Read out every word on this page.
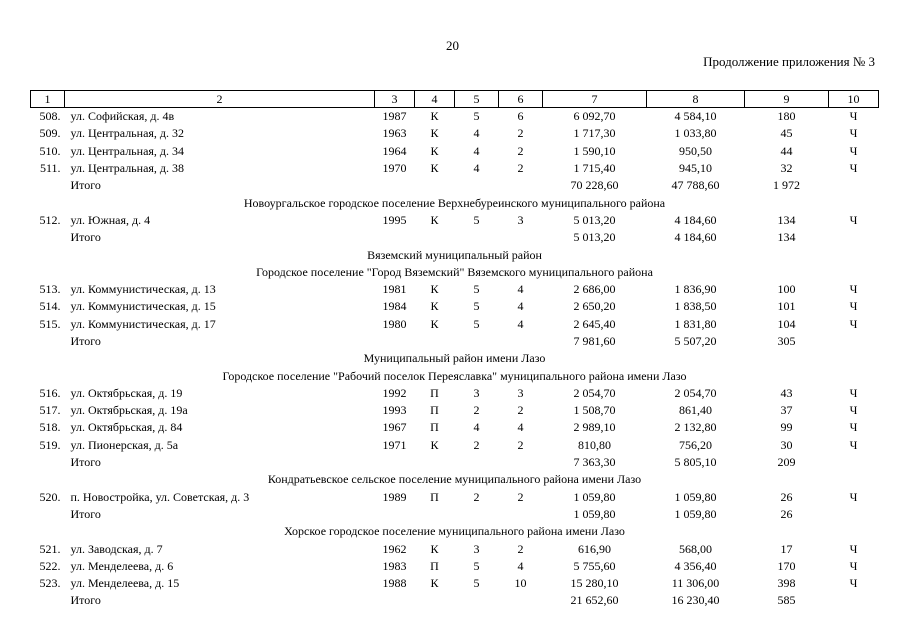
20
Продолжение приложения № 3
1	2	3	4	5	6	7	8	9	10
508.	ул. Софийская, д. 4в	1987	К	5	6	6 092,70	4 584,10	180	Ч
509.	ул. Центральная, д. 32	1963	К	4	2	1 717,30	1 033,80	45	Ч
510.	ул. Центральная, д. 34	1964	К	4	2	1 590,10	950,50	44	Ч
511.	ул. Центральная, д. 38	1970	К	4	2	1 715,40	945,10	32	Ч
	Итого					70 228,60	47 788,60	1 972	
Новоургальское городское поселение Верхнебуреинского муниципального района									
512.	ул. Южная, д. 4	1995	К	5	3	5 013,20	4 184,60	134	Ч
	Итого					5 013,20	4 184,60	134	
Вяземский муниципальный район									
Городское поселение "Город Вяземский" Вяземского муниципального района									
513.	ул. Коммунистическая, д. 13	1981	К	5	4	2 686,00	1 836,90	100	Ч
514.	ул. Коммунистическая, д. 15	1984	К	5	4	2 650,20	1 838,50	101	Ч
515.	ул. Коммунистическая, д. 17	1980	К	5	4	2 645,40	1 831,80	104	Ч
	Итого					7 981,60	5 507,20	305	
Муниципальный район имени Лазо									
Городское поселение "Рабочий поселок Переяславка" муниципального района имени Лазо									
516.	ул. Октябрьская, д. 19	1992	П	3	3	2 054,70	2 054,70	43	Ч
517.	ул. Октябрьская, д. 19а	1993	П	2	2	1 508,70	861,40	37	Ч
518.	ул. Октябрьская, д. 84	1967	П	4	4	2 989,10	2 132,80	99	Ч
519.	ул. Пионерская, д. 5а	1971	К	2	2	810,80	756,20	30	Ч
	Итого					7 363,30	5 805,10	209	
Кондратьевское сельское поселение муниципального района имени Лазо									
520.	п. Новостройка, ул. Советская, д. 3	1989	П	2	2	1 059,80	1 059,80	26	Ч
	Итого					1 059,80	1 059,80	26	
Хорское городское поселение муниципального района имени Лазо									
521.	ул. Заводская, д. 7	1962	К	3	2	616,90	568,00	17	Ч
522.	ул. Менделеева, д. 6	1983	П	5	4	5 755,60	4 356,40	170	Ч
523.	ул. Менделеева, д. 15	1988	К	5	10	15 280,10	11 306,00	398	Ч
	Итого					21 652,60	16 230,40	585	
